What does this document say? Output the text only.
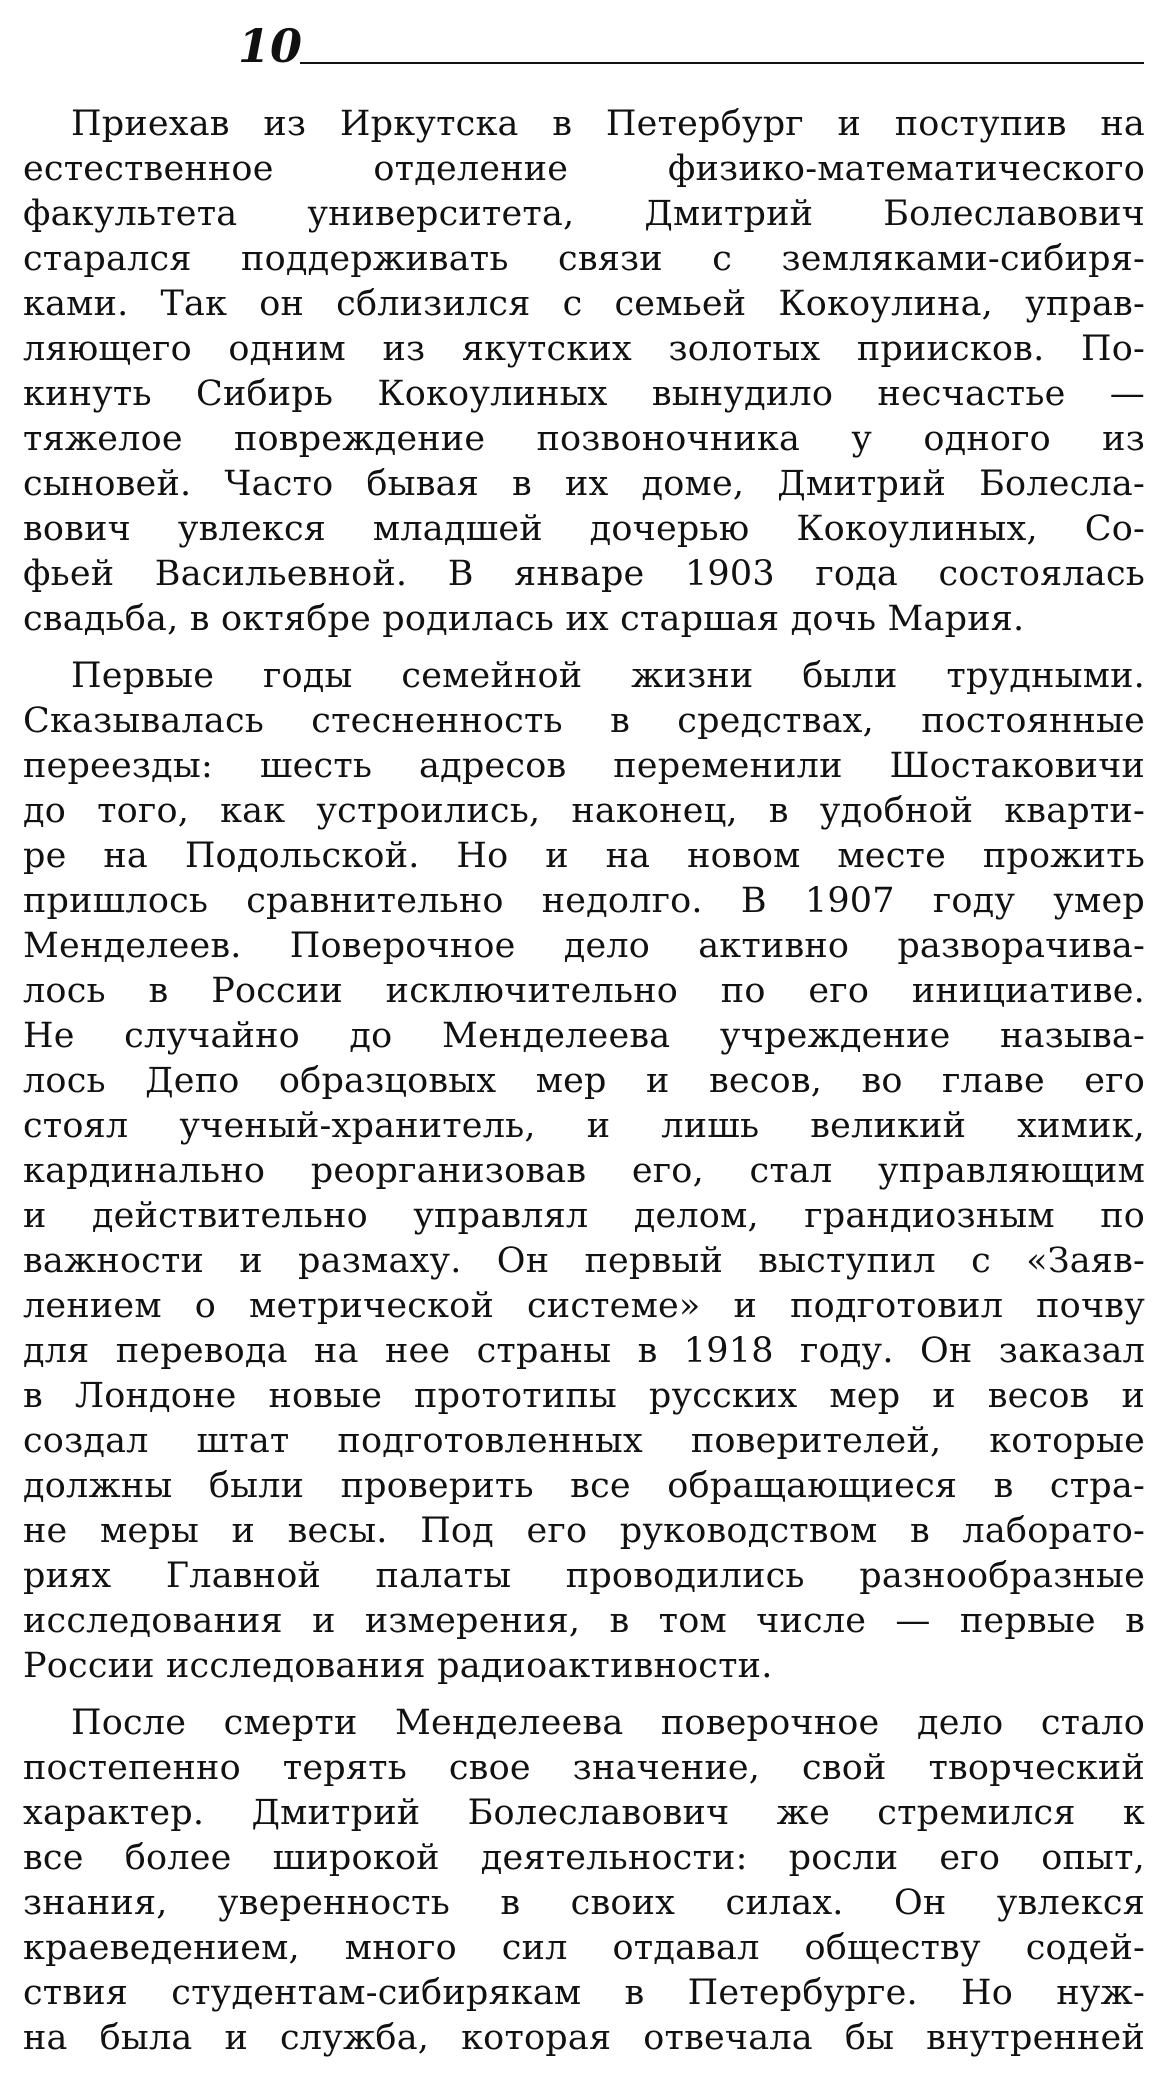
10
Приехав из Иркутска в Петербург и поступив на
естественное отделение физико-математического
факультета университета, Дмитрий Болеславович
старался поддерживать связи с земляками-сибиря-
ками. Так он сблизился с семьей Кокоулина, управ-
ляющего одним из якутских золотых приисков. По-
кинуть Сибирь Кокоулиных вынудило несчастье —
тяжелое повреждение позвоночника у одного из
сыновей. Часто бывая в их доме, Дмитрий Болесла-
вович увлекся младшей дочерью Кокоулиных, Со-
фьей Васильевной. В январе 1903 года состоялась
свадьба, в октябре родилась их старшая дочь Мария.
Первые годы семейной жизни были трудными.
Сказывалась стесненность в средствах, постоянные
переезды: шесть адресов переменили Шостаковичи
до того, как устроились, наконец, в удобной кварти-
ре на Подольской. Но и на новом месте прожить
пришлось сравнительно недолго. В 1907 году умер
Менделеев. Поверочное дело активно разворачива-
лось в России исключительно по его инициативе.
Не случайно до Менделеева учреждение называ-
лось Депо образцовых мер и весов, во главе его
стоял ученый-хранитель, и лишь великий химик,
кардинально реорганизовав его, стал управляющим
и действительно управлял делом, грандиозным по
важности и размаху. Он первый выступил с «Заяв-
лением о метрической системе» и подготовил почву
для перевода на нее страны в 1918 году. Он заказал
в Лондоне новые прототипы русских мер и весов и
создал штат подготовленных поверителей, которые
должны были проверить все обращающиеся в стра-
не меры и весы. Под его руководством в лаборато-
риях Главной палаты проводились разнообразные
исследования и измерения, в том числе — первые в
России исследования радиоактивности.
После смерти Менделеева поверочное дело стало
постепенно терять свое значение, свой творческий
характер. Дмитрий Болеславович же стремился к
все более широкой деятельности: росли его опыт,
знания, уверенность в своих силах. Он увлекся
краеведением, много сил отдавал обществу содей-
ствия студентам-сибирякам в Петербурге. Но нуж-
на была и служба, которая отвечала бы внутренней
